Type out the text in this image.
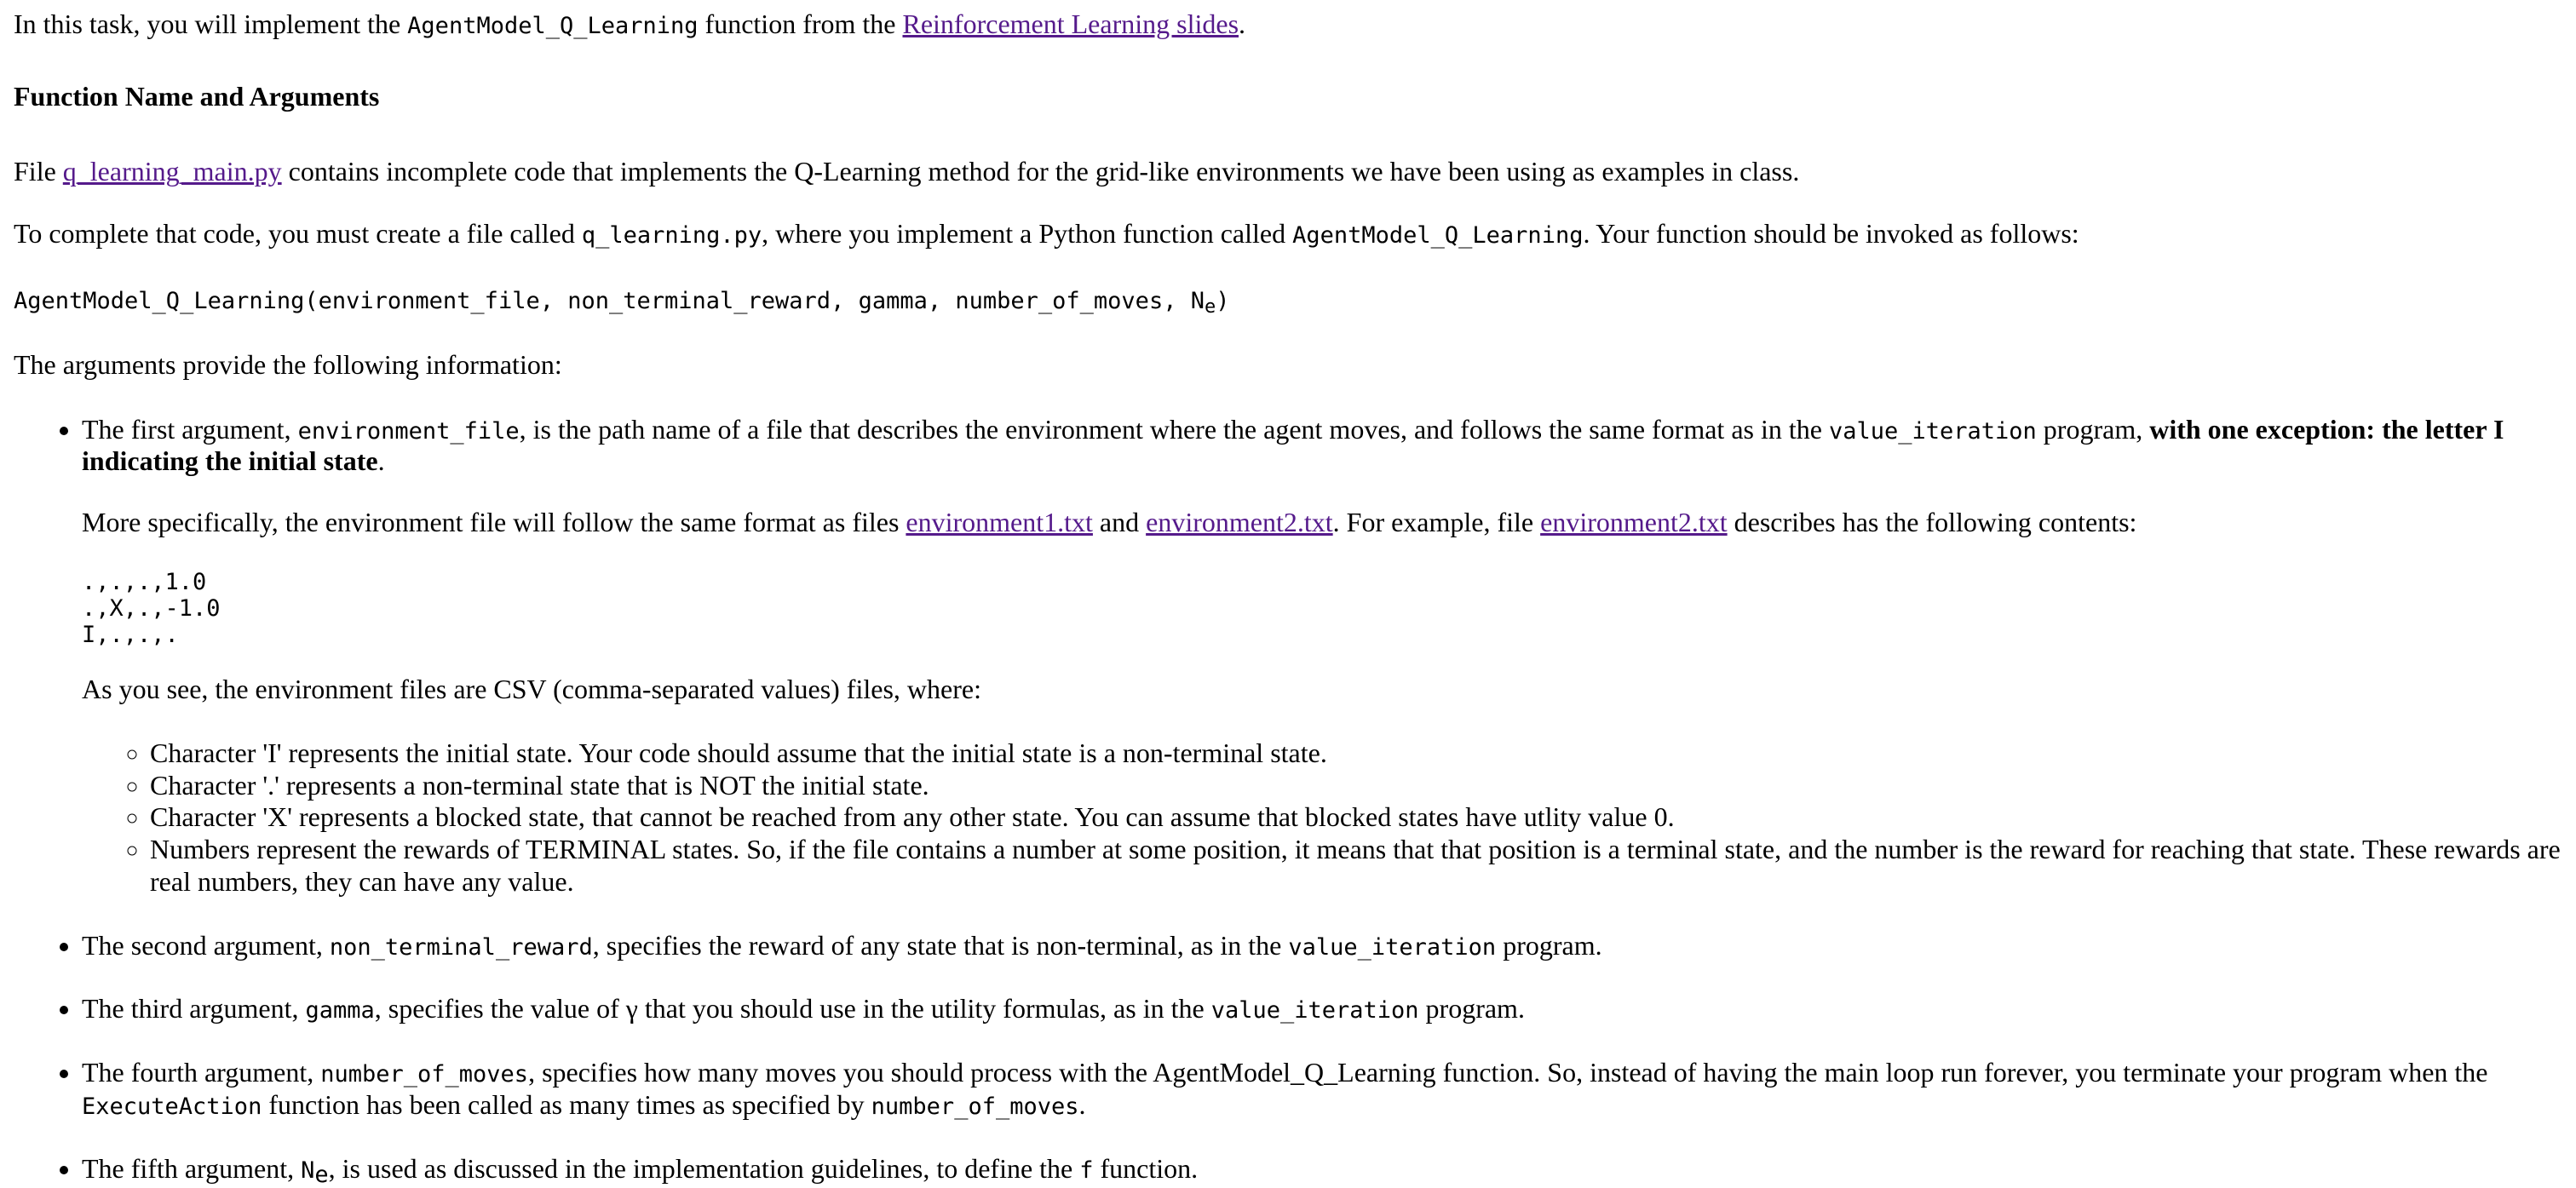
In this task, you will implement the AgentModel_Q_Learning function from the Reinforcement Learning slides.

Function Name and Arguments

File q_learning_main.py contains incomplete code that implements the Q-Learning method for the grid-like environments we have been using as examples in class.

To complete that code, you must create a file called q_learning.py, where you implement a Python function called AgentModel_Q_Learning. Your function should be invoked as follows:

AgentModel_Q_Learning(environment_file, non_terminal_reward, gamma, number_of_moves, $N_e$)

The arguments provide the following information:

• The first argument, environment_file, is the path name of a file that describes the environment where the agent moves, and follows the same format as in the value_iteration program, with one exception: the letter I indicating the initial state.

More specifically, the environment file will follow the same format as files environment1.txt and environment2.txt. For example, file environment2.txt describes has the following contents:

.,.,.,1.0
.,X,.,-1.0
I,.,.,.

As you see, the environment files are CSV (comma-separated values) files, where:

◦ Character 'I' represents the initial state. Your code should assume that the initial state is a non-terminal state.
◦ Character '.' represents a non-terminal state that is NOT the initial state.
◦ Character 'X' represents a blocked state, that cannot be reached from any other state. You can assume that blocked states have utlity value 0.
◦ Numbers represent the rewards of TERMINAL states. So, if the file contains a number at some position, it means that that position is a terminal state, and the number is the reward for reaching that state. These rewards are real numbers, they can have any value.
• The second argument, non_terminal_reward, specifies the reward of any state that is non-terminal, as in the value_iteration program.
• The third argument, gamma, specifies the value of γ that you should use in the utility formulas, as in the value_iteration program.
• The fourth argument, number_of_moves, specifies how many moves you should process with the AgentModel_Q_Learning function. So, instead of having the main loop run forever, you terminate your program when the ExecuteAction function has been called as many times as specified by number_of_moves.
• The fifth argument, $N_e$, is used as discussed in the implementation guidelines, to define the f function.
